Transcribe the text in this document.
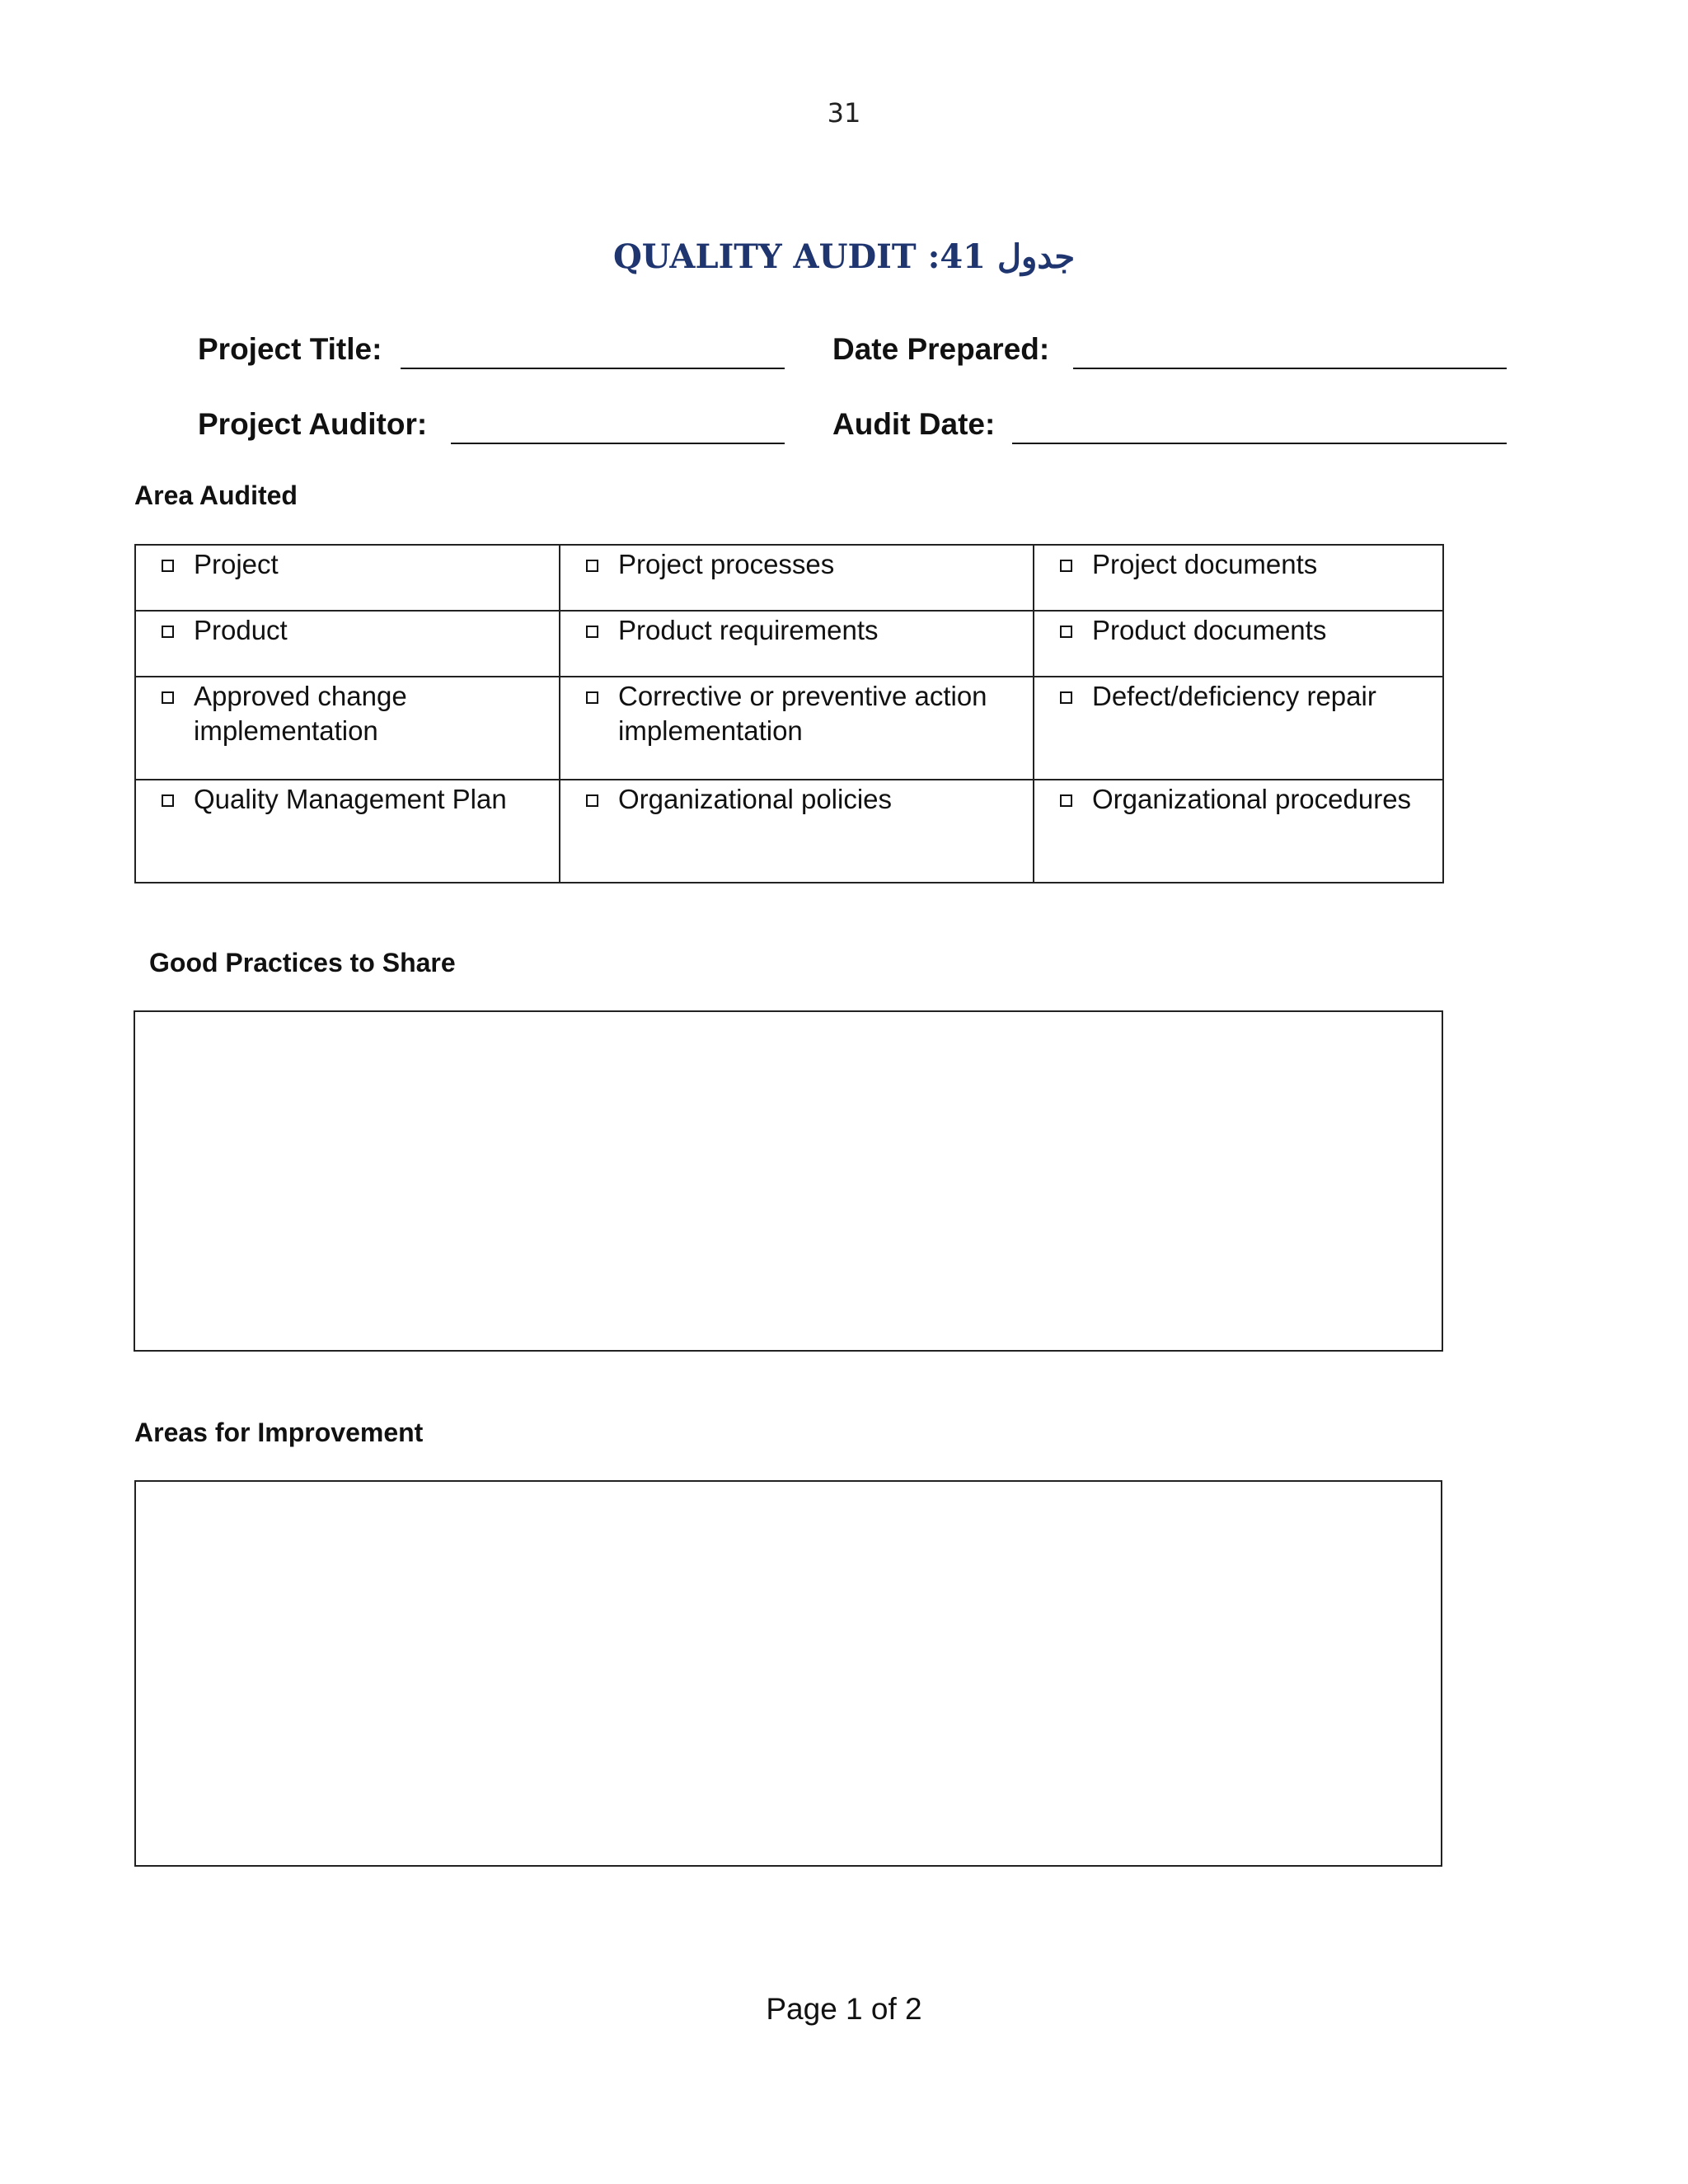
31
جدول 41: QUALITY AUDIT
Project Title:	Date Prepared:
Project Auditor:	Audit Date:
Area Audited
Project	Project processes	Project documents

Product	Product requirements	Product documents

Approved change implementation	Corrective or preventive action implementation	Defect/deficiency repair

Quality Management Plan	Organizational policies	Organizational procedures
Good Practices to Share
Areas for Improvement
Page 1 of 2
